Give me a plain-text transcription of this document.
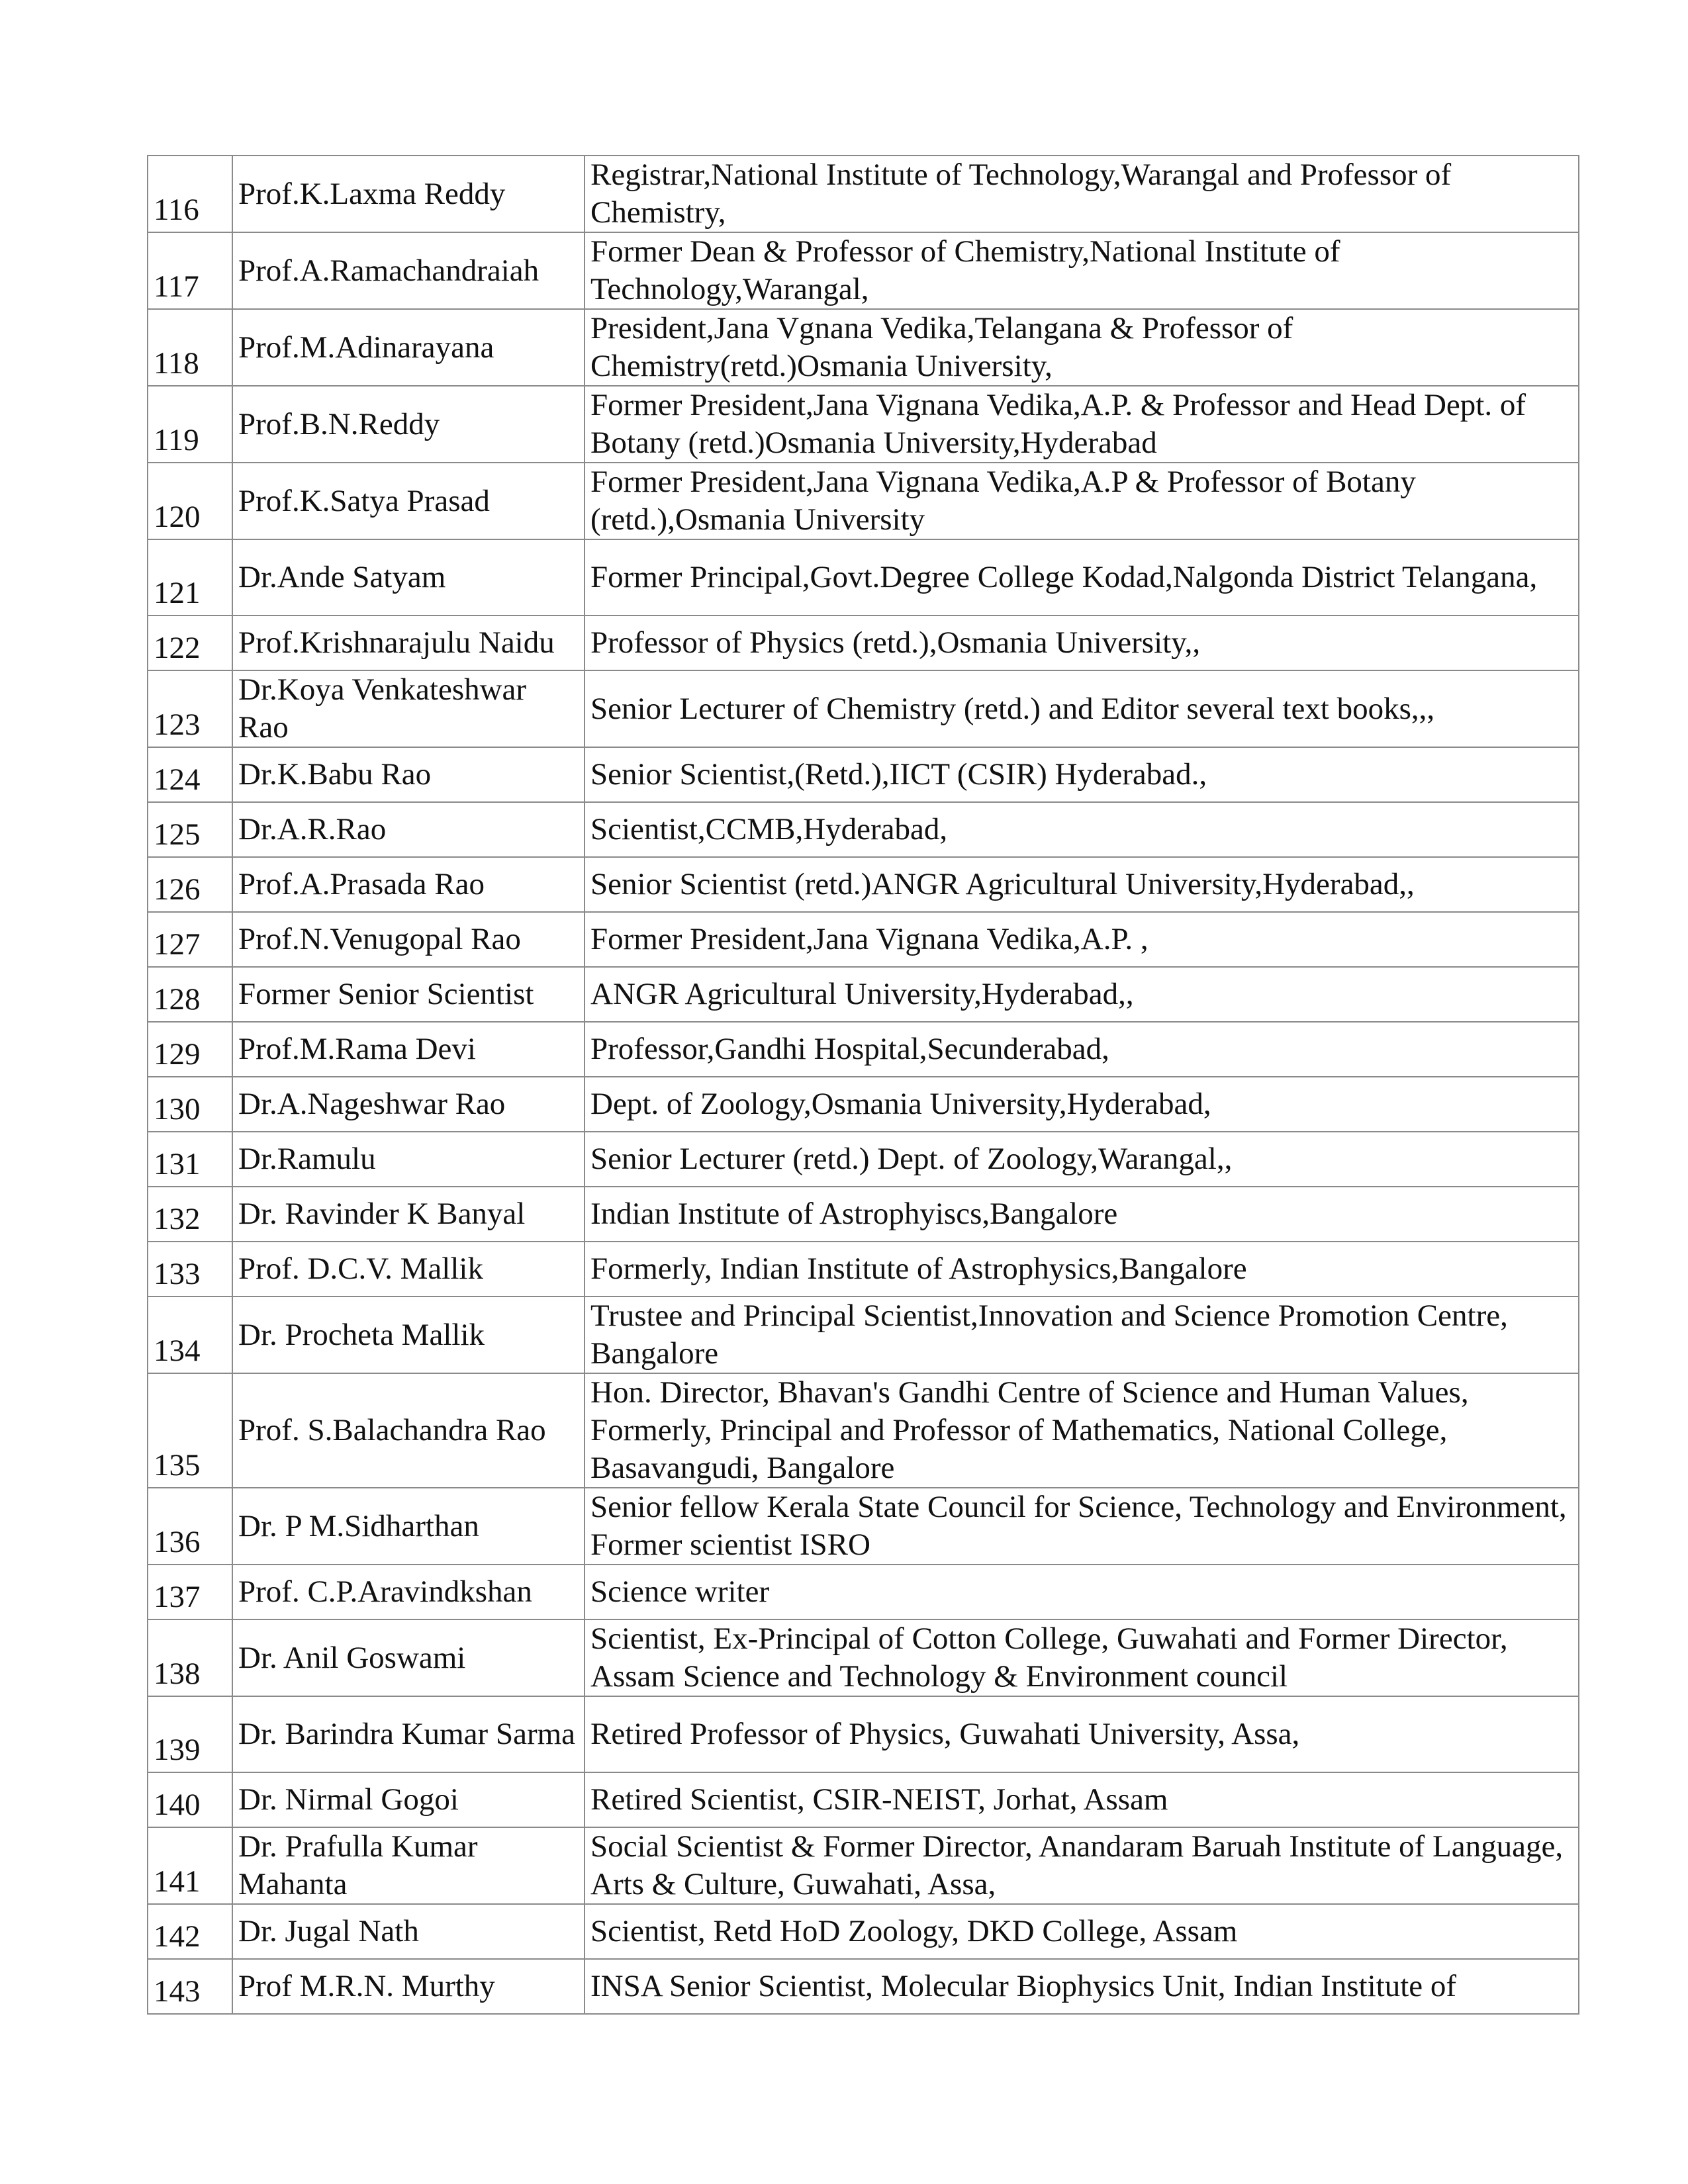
116	Prof.K.Laxma Reddy	Registrar,National Institute of Technology,Warangal and Professor of Chemistry,
117	Prof.A.Ramachandraiah	Former Dean & Professor of Chemistry,National Institute of Technology,Warangal,
118	Prof.M.Adinarayana	President,Jana Vgnana Vedika,Telangana & Professor of Chemistry(retd.)Osmania University,
119	Prof.B.N.Reddy	Former President,Jana Vignana Vedika,A.P. & Professor and Head Dept. of Botany (retd.)Osmania University,Hyderabad
120	Prof.K.Satya Prasad	Former President,Jana Vignana Vedika,A.P & Professor of Botany (retd.),Osmania University
121	Dr.Ande Satyam	Former Principal,Govt.Degree College Kodad,Nalgonda District Telangana,
122	Prof.Krishnarajulu Naidu	Professor of Physics (retd.),Osmania University,,
123	Dr.Koya Venkateshwar Rao	Senior Lecturer of Chemistry (retd.) and Editor several text books,,,
124	Dr.K.Babu Rao	Senior Scientist,(Retd.),IICT (CSIR) Hyderabad.,
125	Dr.A.R.Rao	Scientist,CCMB,Hyderabad,
126	Prof.A.Prasada Rao	Senior Scientist (retd.)ANGR Agricultural University,Hyderabad,,
127	Prof.N.Venugopal Rao	Former President,Jana Vignana Vedika,A.P. ,
128	Former Senior Scientist	ANGR Agricultural University,Hyderabad,,
129	Prof.M.Rama Devi	Professor,Gandhi Hospital,Secunderabad,
130	Dr.A.Nageshwar Rao	Dept. of Zoology,Osmania University,Hyderabad,
131	Dr.Ramulu	Senior Lecturer (retd.) Dept. of Zoology,Warangal,,
132	Dr. Ravinder K Banyal	Indian Institute of Astrophyiscs,Bangalore
133	Prof. D.C.V. Mallik	Formerly, Indian Institute of Astrophysics,Bangalore
134	Dr. Procheta Mallik	Trustee and Principal Scientist,Innovation and Science Promotion Centre, Bangalore
135	Prof. S.Balachandra Rao	Hon. Director, Bhavan's Gandhi Centre of Science and Human Values, Formerly, Principal and Professor of Mathematics, National College, Basavangudi, Bangalore
136	Dr. P M.Sidharthan	Senior fellow Kerala State Council for Science, Technology and Environment, Former scientist ISRO
137	Prof. C.P.Aravindkshan	Science writer
138	Dr. Anil Goswami	Scientist, Ex-Principal of Cotton College, Guwahati and Former Director, Assam Science and Technology & Environment council
139	Dr. Barindra Kumar Sarma	Retired Professor of Physics, Guwahati University, Assa,
140	Dr. Nirmal Gogoi	Retired Scientist, CSIR-NEIST, Jorhat, Assam
141	Dr. Prafulla Kumar Mahanta	Social Scientist & Former Director, Anandaram Baruah Institute of Language, Arts & Culture, Guwahati, Assa,
142	Dr. Jugal Nath	Scientist, Retd HoD Zoology, DKD College, Assam
143	Prof M.R.N. Murthy	INSA Senior Scientist, Molecular Biophysics Unit, Indian Institute of
